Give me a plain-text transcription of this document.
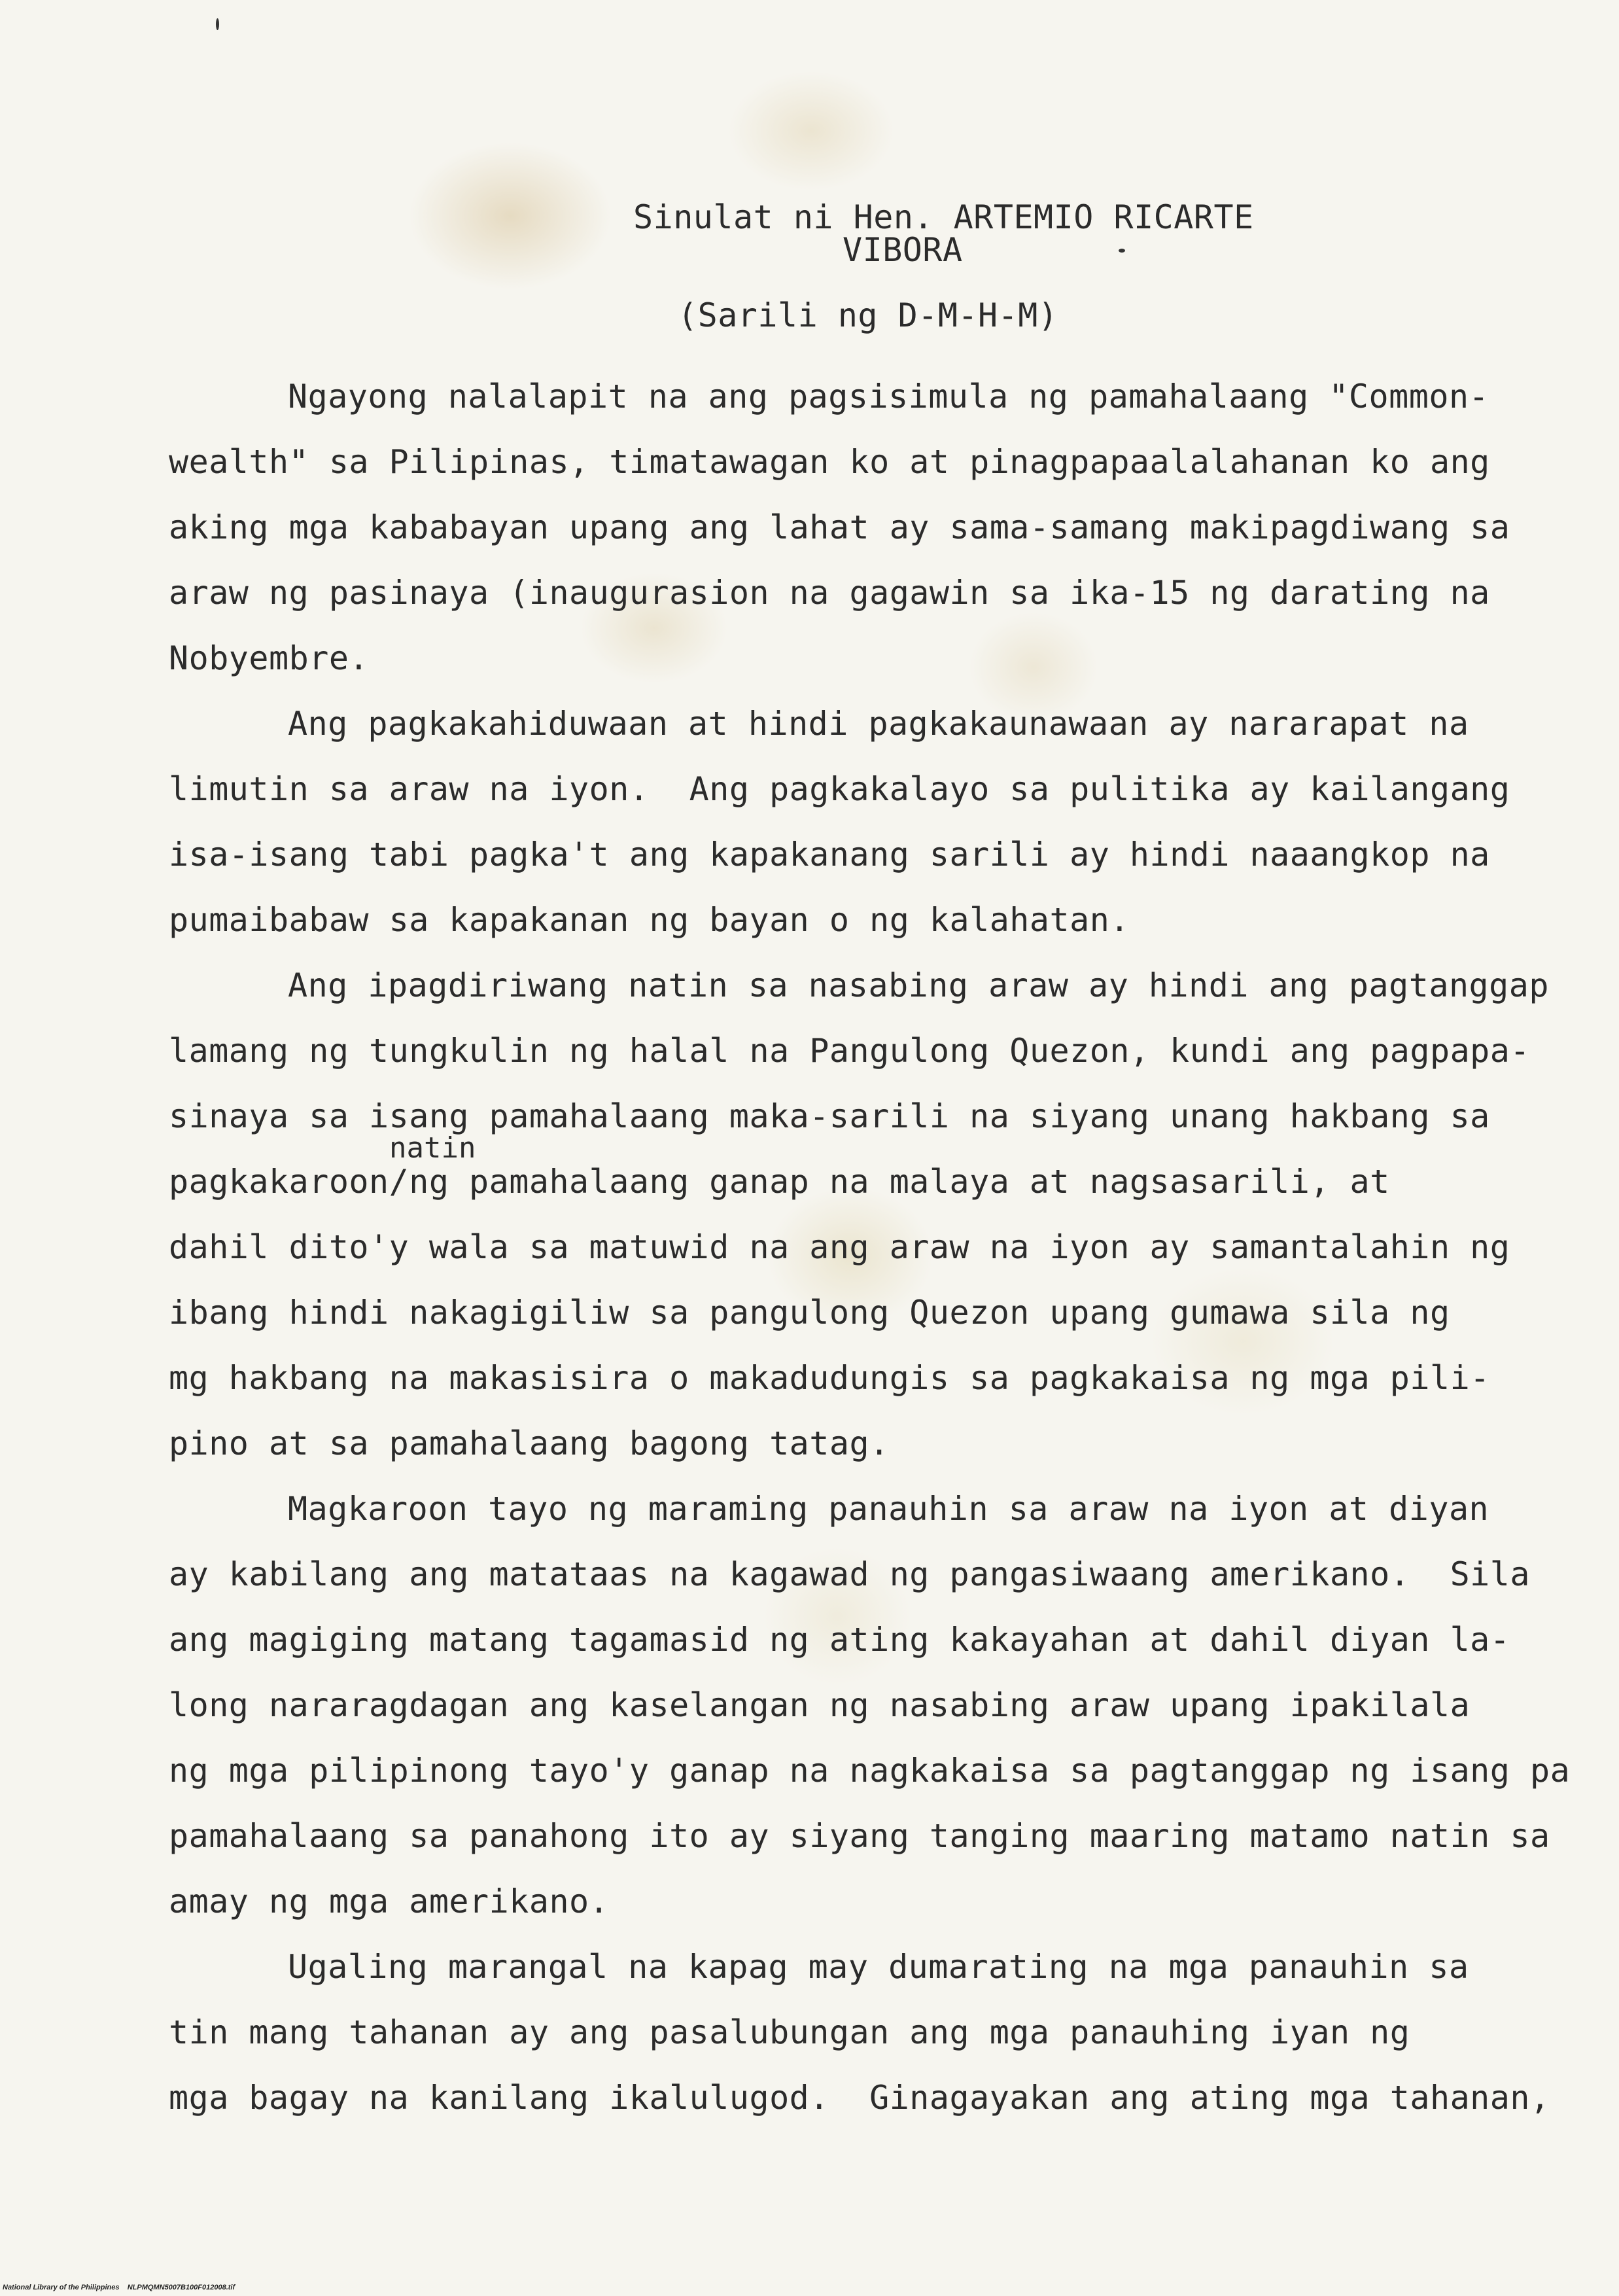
Sinulat ni Hen. ARTEMIO RICARTE
VIBORA
(Sarili ng D-M-H-M)
Ngayong nalalapit na ang pagsisimula ng pamahalaang "Common-
wealth" sa Pilipinas, timatawagan ko at pinagpapaalalahanan ko ang
aking mga kababayan upang ang lahat ay sama-samang makipagdiwang sa
araw ng pasinaya (inaugurasion na gagawin sa ika-15 ng darating na
Nobyembre.
Ang pagkakahiduwaan at hindi pagkakaunawaan ay nararapat na
limutin sa araw na iyon.  Ang pagkakalayo sa pulitika ay kailangang
isa-isang tabi pagka't ang kapakanang sarili ay hindi naaangkop na
pumaibabaw sa kapakanan ng bayan o ng kalahatan.
Ang ipagdiriwang natin sa nasabing araw ay hindi ang pagtanggap
lamang ng tungkulin ng halal na Pangulong Quezon, kundi ang pagpapa-
sinaya sa isang pamahalaang maka-sarili na siyang unang hakbang sa
natin
pagkakaroon/ng pamahalaang ganap na malaya at nagsasarili, at
dahil dito'y wala sa matuwid na ang araw na iyon ay samantalahin ng
ibang hindi nakagigiliw sa pangulong Quezon upang gumawa sila ng
mg hakbang na makasisira o makadudungis sa pagkakaisa ng mga pili-
pino at sa pamahalaang bagong tatag.
Magkaroon tayo ng maraming panauhin sa araw na iyon at diyan
ay kabilang ang matataas na kagawad ng pangasiwaang amerikano.  Sila
ang magiging matang tagamasid ng ating kakayahan at dahil diyan la-
long nararagdagan ang kaselangan ng nasabing araw upang ipakilala
ng mga pilipinong tayo'y ganap na nagkakaisa sa pagtanggap ng isang pa
pamahalaang sa panahong ito ay siyang tanging maaring matamo natin sa
amay ng mga amerikano.
Ugaling marangal na kapag may dumarating na mga panauhin sa
tin mang tahanan ay ang pasalubungan ang mga panauhing iyan ng
mga bagay na kanilang ikalulugod.  Ginagayakan ang ating mga tahanan,
National Library of the Philippines    NLPMQMN5007B100F012008.tif
